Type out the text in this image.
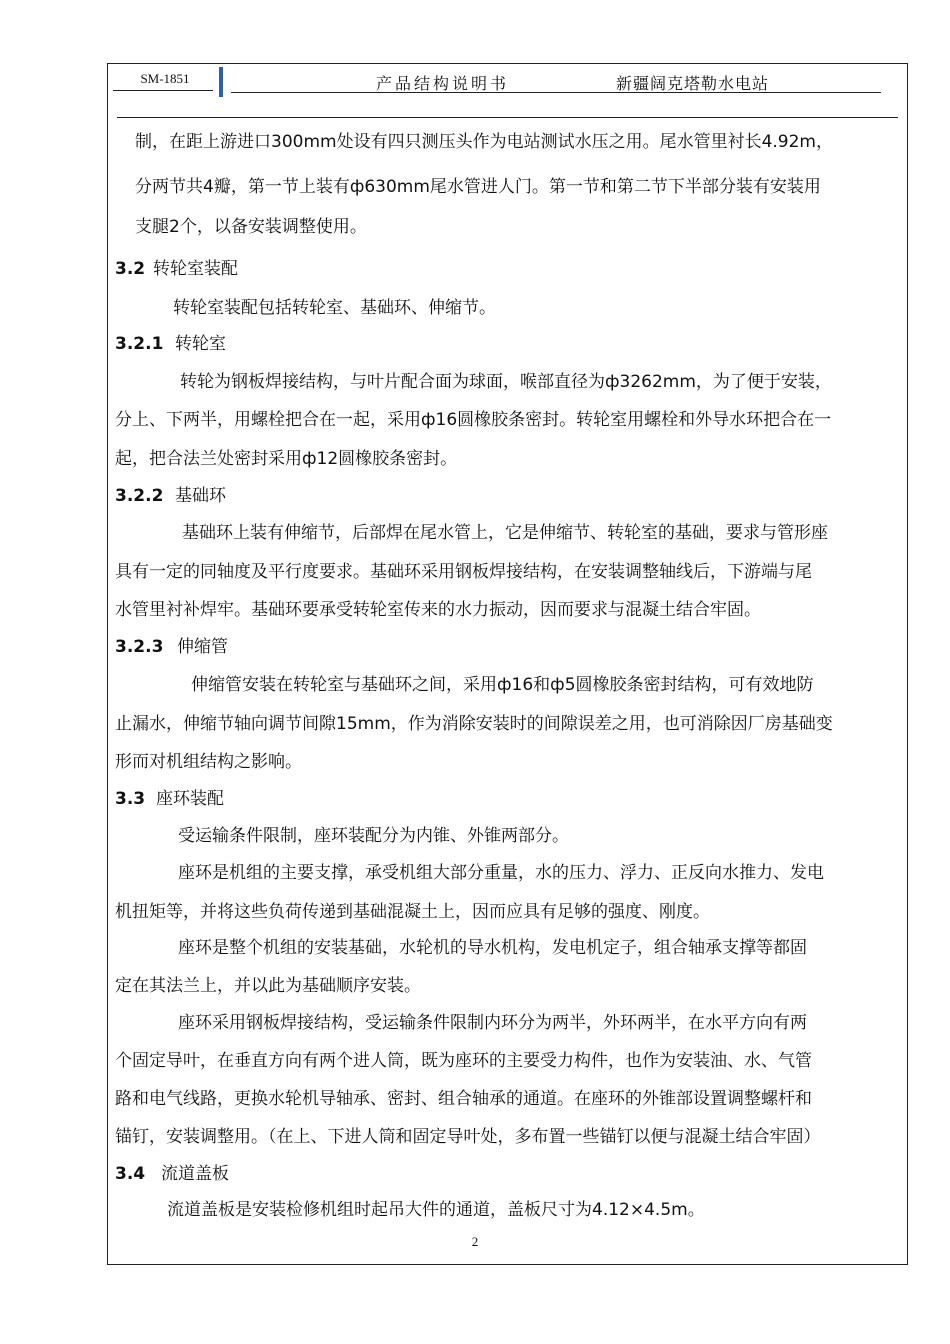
SM-1851	产品结构说明书	新疆阔克塔勒水电站
制，在距上游进口300mm处设有四只测压头作为电站测试水压之用。尾水管里衬长4.92m，
分两节共4瓣，第一节上装有ф630mm尾水管进人门。第一节和第二节下半部分装有安装用
支腿2个，以备安装调整使用。
3.2 转轮室装配
转轮室装配包括转轮室、基础环、伸缩节。
3.2.1 转轮室
转轮为钢板焊接结构，与叶片配合面为球面，喉部直径为ф3262mm，为了便于安装，
分上、下两半，用螺栓把合在一起，采用ф16圆橡胶条密封。转轮室用螺栓和外导水环把合在一
起，把合法兰处密封采用ф12圆橡胶条密封。
3.2.2 基础环
基础环上装有伸缩节，后部焊在尾水管上，它是伸缩节、转轮室的基础，要求与管形座
具有一定的同轴度及平行度要求。基础环采用钢板焊接结构，在安装调整轴线后，下游端与尾
水管里衬补焊牢。基础环要承受转轮室传来的水力振动，因而要求与混凝土结合牢固。
3.2.3 伸缩管
伸缩管安装在转轮室与基础环之间，采用ф16和ф5圆橡胶条密封结构，可有效地防
止漏水，伸缩节轴向调节间隙15mm，作为消除安装时的间隙误差之用，也可消除因厂房基础变
形而对机组结构之影响。
3.3 座环装配
受运输条件限制，座环装配分为内锥、外锥两部分。
座环是机组的主要支撑，承受机组大部分重量，水的压力、浮力、正反向水推力、发电
机扭矩等，并将这些负荷传递到基础混凝土上，因而应具有足够的强度、刚度。
座环是整个机组的安装基础，水轮机的导水机构，发电机定子，组合轴承支撑等都固
定在其法兰上，并以此为基础顺序安装。
座环采用钢板焊接结构，受运输条件限制内环分为两半，外环两半，在水平方向有两
个固定导叶，在垂直方向有两个进人筒，既为座环的主要受力构件，也作为安装油、水、气管
路和电气线路，更换水轮机导轴承、密封、组合轴承的通道。在座环的外锥部设置调整螺杆和
锚钉，安装调整用。（在上、下进人筒和固定导叶处，多布置一些锚钉以便与混凝土结合牢固）
3.4 流道盖板
流道盖板是安装检修机组时起吊大件的通道，盖板尺寸为4.12×4.5m。
2
